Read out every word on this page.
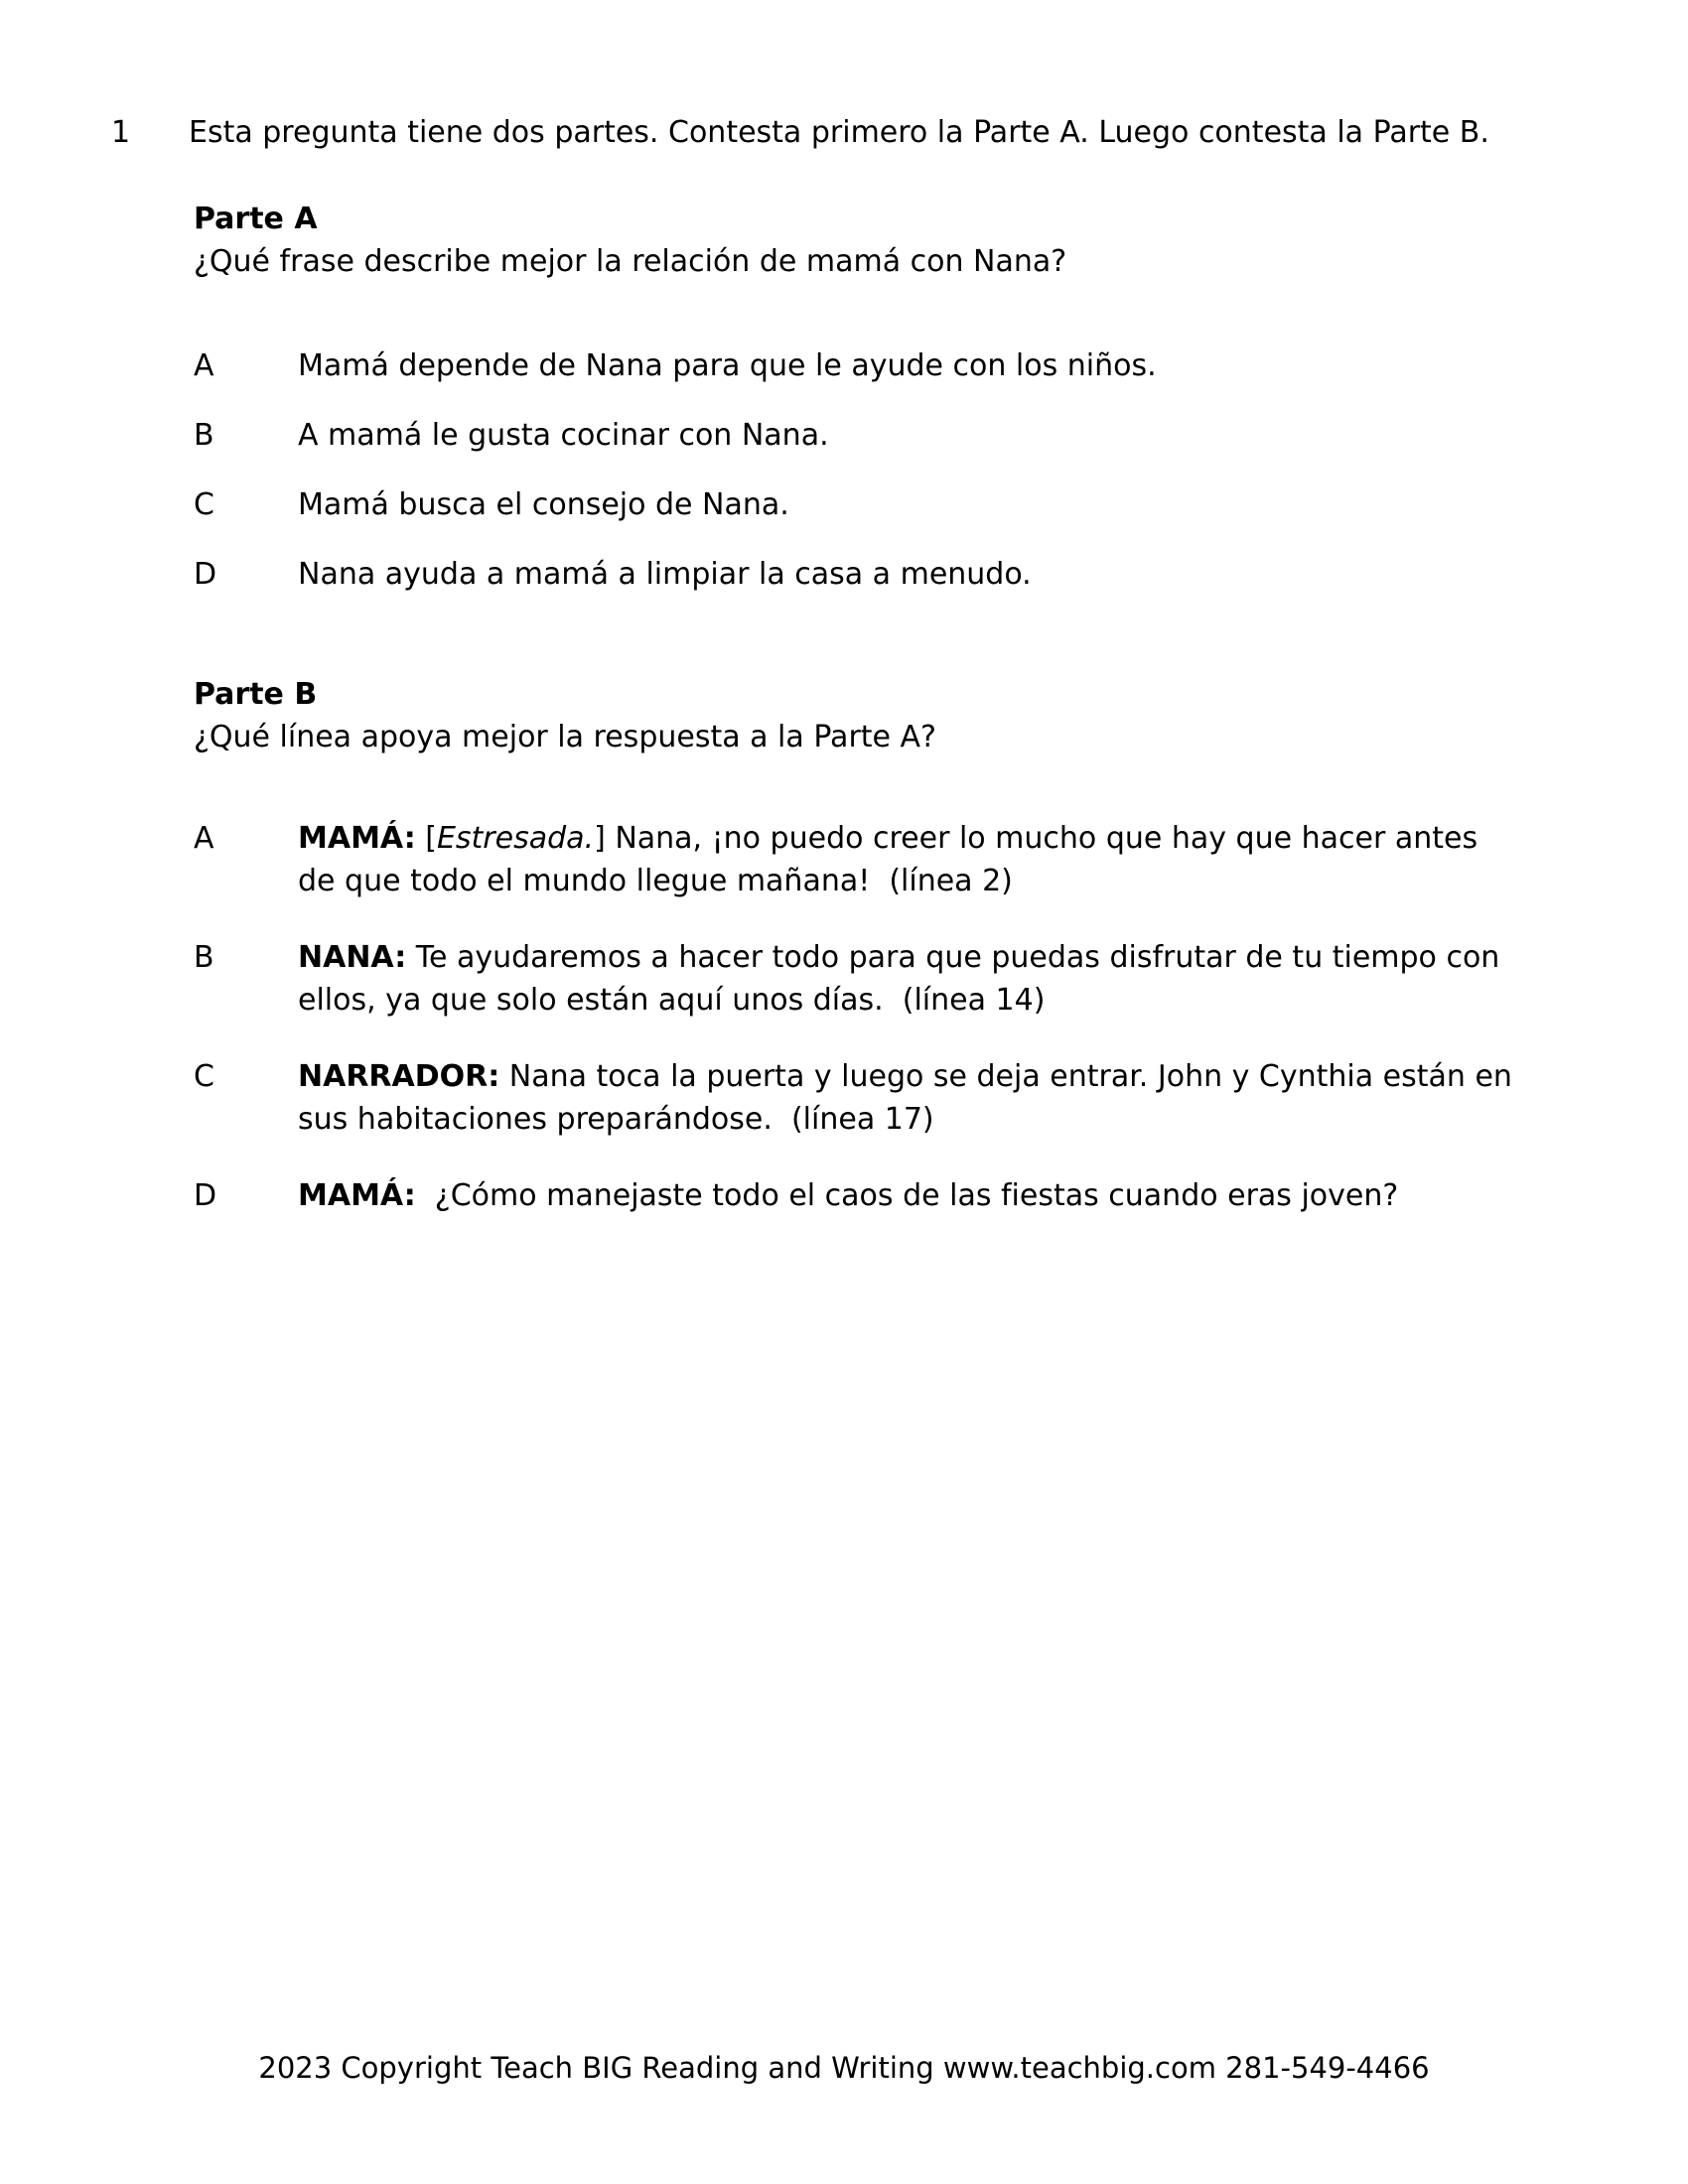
1	Esta pregunta tiene dos partes. Contesta primero la Parte A. Luego contesta la Parte B.
Parte A
¿Qué frase describe mejor la relación de mamá con Nana?
A	Mamá depende de Nana para que le ayude con los niños.
B	A mamá le gusta cocinar con Nana.
C	Mamá busca el consejo de Nana.
D	Nana ayuda a mamá a limpiar la casa a menudo.
Parte B
¿Qué línea apoya mejor la respuesta a la Parte A?
A	MAMÁ: [Estresada.] Nana, ¡no puedo creer lo mucho que hay que hacer antes de que todo el mundo llegue mañana!  (línea 2)

B	NANA: Te ayudaremos a hacer todo para que puedas disfrutar de tu tiempo con ellos, ya que solo están aquí unos días.  (línea 14)

C	NARRADOR: Nana toca la puerta y luego se deja entrar. John y Cynthia están en sus habitaciones preparándose.  (línea 17)

D	MAMÁ:  ¿Cómo manejaste todo el caos de las fiestas cuando eras joven?

2023 Copyright Teach BIG Reading and Writing www.teachbig.com 281-549-4466
